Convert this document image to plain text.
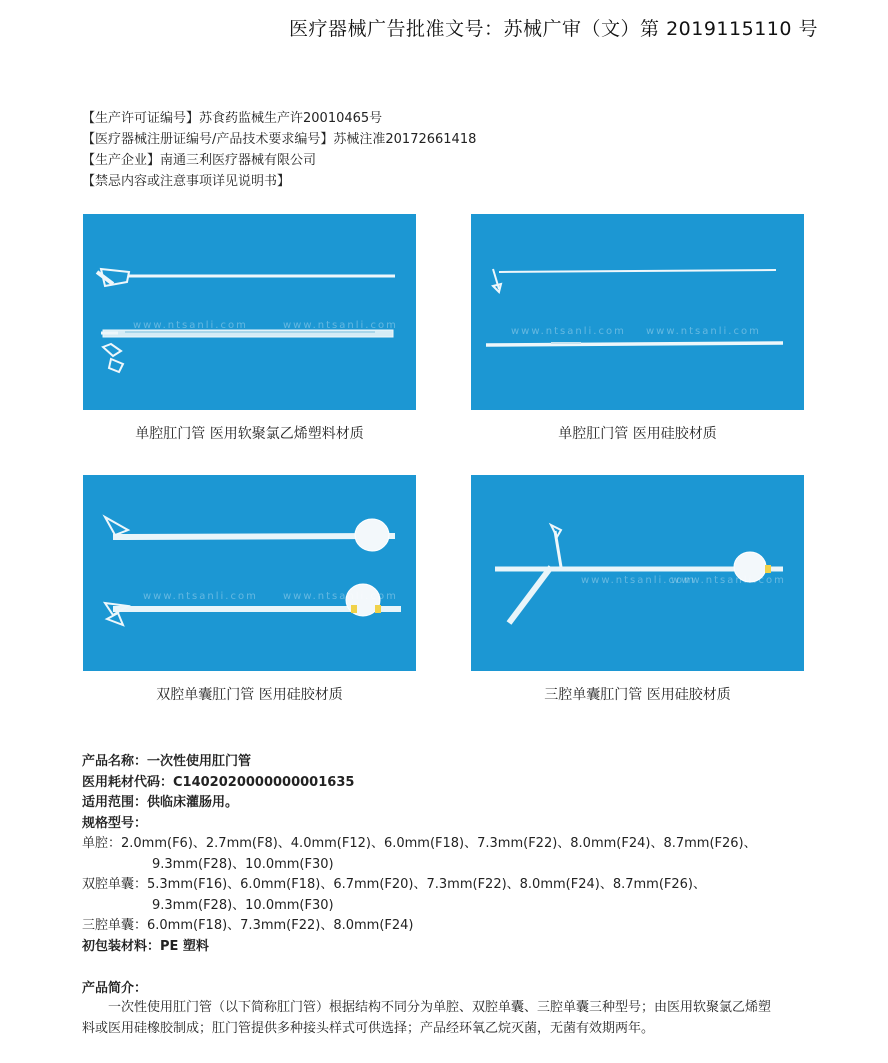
医疗器械广告批准文号：苏械广审（文）第 2019115110 号
【生产许可证编号】苏食药监械生产许20010465号
【医疗器械注册证编号/产品技术要求编号】苏械注准20172661418
【生产企业】南通三利医疗器械有限公司
【禁忌内容或注意事项详见说明书】
www.ntsanli.com	www.ntsanli.com
单腔肛门管 医用软聚氯乙烯塑料材质
www.ntsanli.com www.ntsanli.com
单腔肛门管 医用硅胶材质
www.ntsanli.com	www.ntsanli.com
双腔单囊肛门管 医用硅胶材质
www.ntsanli.com
www.ntsanli.com
三腔单囊肛门管 医用硅胶材质
产品名称：一次性使用肛门管
医用耗材代码：C1402020000000001635
适用范围：供临床灌肠用。
规格型号：
单腔：2.0mm(F6)、2.7mm(F8)、4.0mm(F12)、6.0mm(F18)、7.3mm(F22)、8.0mm(F24)、8.7mm(F26)、
9.3mm(F28)、10.0mm(F30)
双腔单囊：5.3mm(F16)、6.0mm(F18)、6.7mm(F20)、7.3mm(F22)、8.0mm(F24)、8.7mm(F26)、
9.3mm(F28)、10.0mm(F30)
三腔单囊：6.0mm(F18)、7.3mm(F22)、8.0mm(F24)
初包装材料：PE 塑料
产品简介：
一次性使用肛门管（以下简称肛门管）根据结构不同分为单腔、双腔单囊、三腔单囊三种型号；由医用软聚氯乙烯塑料或医用硅橡胶制成；肛门管提供多种接头样式可供选择；产品经环氧乙烷灭菌，无菌有效期两年。
